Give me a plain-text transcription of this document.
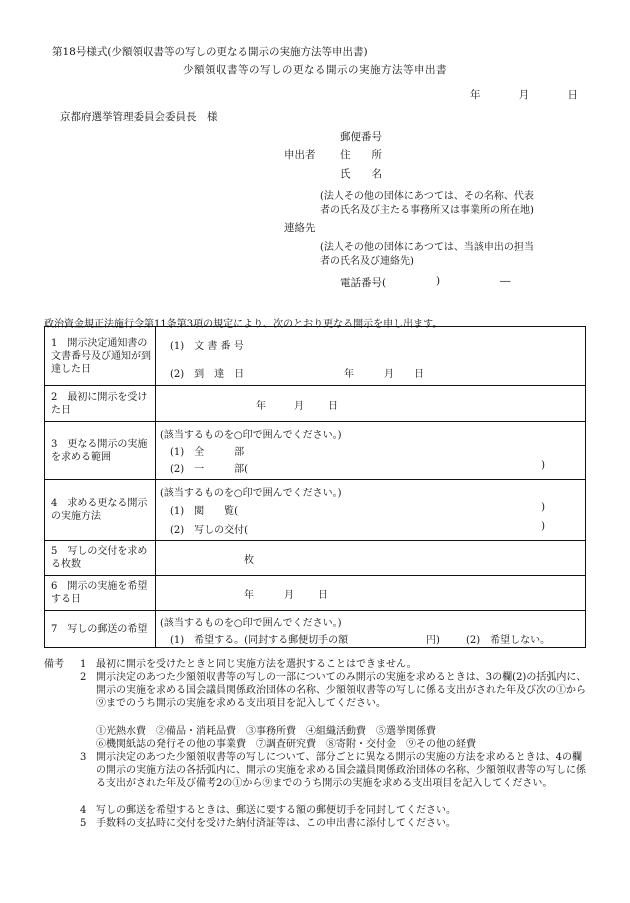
第18号様式(少額領収書等の写しの更なる開示の実施方法等申出書)
少額領収書等の写しの更なる開示の実施方法等申出書
年	月	日
京都府選挙管理委員会委員長　様
郵便番号
申出者 住　　所
氏　　名
(法人その他の団体にあつては、その名称、代表
者の氏名及び主たる事務所又は事業所の所在地)
連絡先
(法人その他の団体にあつては、当該申出の担当
者の氏名及び連絡先)
電話番号(	)	―
政治資金規正法施行令第11条第3項の規定により、次のとおり更なる開示を申し出ます。
1　開示決定通知書の文書番号及び通知が到達した日	(1)　文 書 番 号
(2)　到　達　日 年 月 日

2　最初に開示を受けた日	年 月 日

3　更なる開示の実施を求める範囲	(該当するものを○印で囲んでください。)
(1)　全　　　部
(2)　一　　　部( )

4　求める更なる開示の実施方法	(該当するものを○印で囲んでください。)
(1)　閲　　覧( )
(2)　写しの交付( )

5　写しの交付を求める枚数	枚

6　開示の実施を希望する日	年 月 日

7　写しの郵送の希望	(該当するものを○印で囲んでください。)
(1)　希望する。(同封する郵便切手の額 円) (2)　希望しない。
備考 1 最初に開示を受けたときと同じ実施方法を選択することはできません。
2 開示決定のあつた少額領収書等の写しの一部についてのみ開示の実施を求めるときは、3の欄(2)の括弧内に、開示の実施を求める国会議員関係政治団体の名称、少額領収書等の写しに係る支出がされた年及び次の①から⑨までのうち開示の実施を求める支出項目を記入してください。
①光熱水費　②備品・消耗品費　③事務所費　④組織活動費　⑤選挙関係費
⑥機関紙誌の発行その他の事業費　⑦調査研究費　⑧寄附・交付金　⑨その他の経費
3 開示決定のあつた少額領収書等の写しについて、部分ごとに異なる開示の実施の方法を求めるときは、4の欄の開示の実施方法の各括弧内に、開示の実施を求める国会議員関係政治団体の名称、少額領収書等の写しに係る支出がされた年及び備考2の①から⑨までのうち開示の実施を求める支出項目を記入してください。
4 写しの郵送を希望するときは、郵送に要する額の郵便切手を同封してください。
5 手数料の支払時に交付を受けた納付済証等は、この申出書に添付してください。
